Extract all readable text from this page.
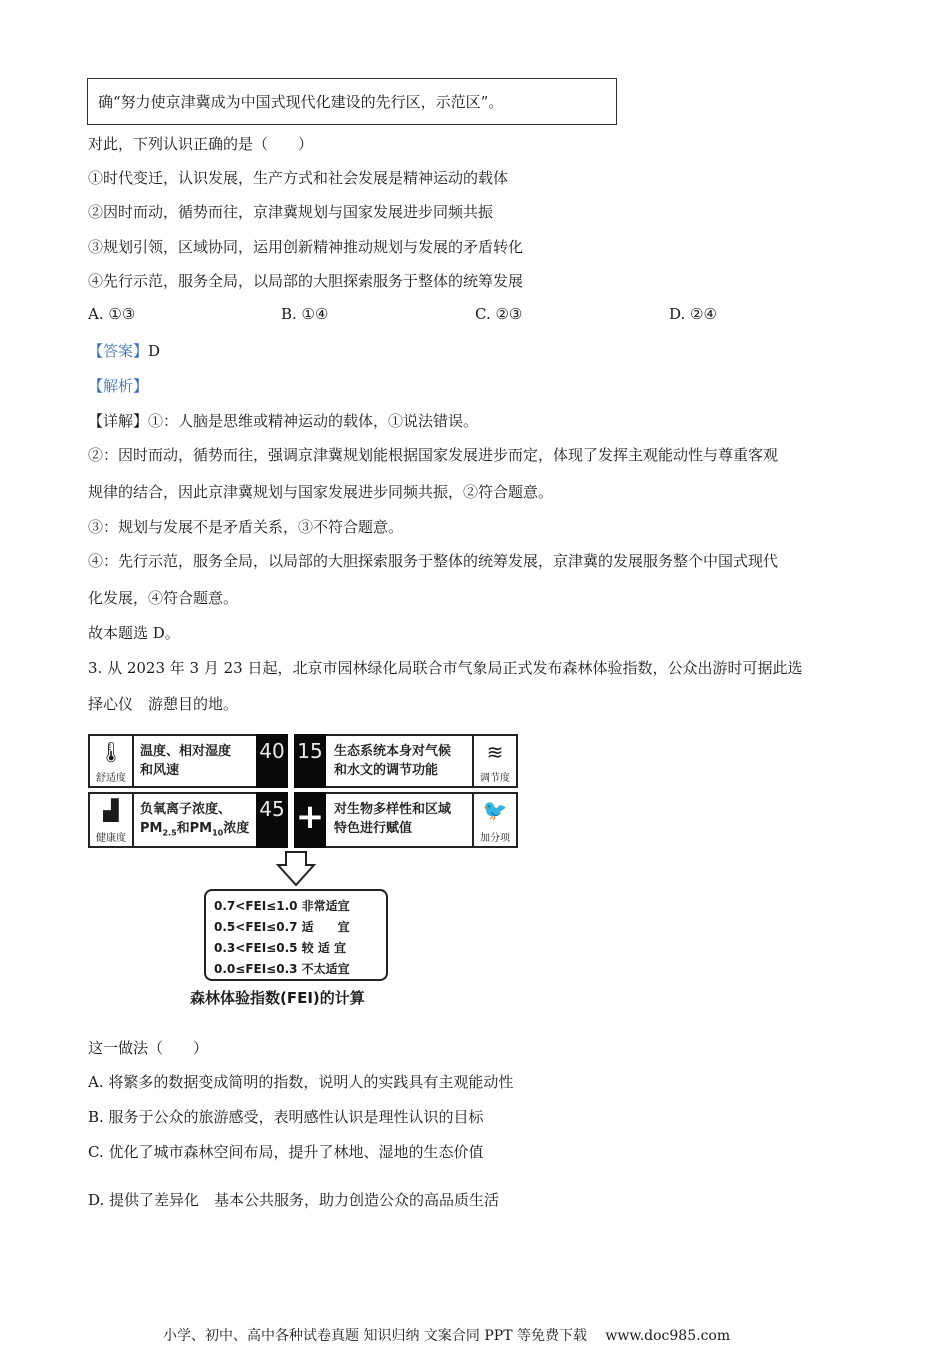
确“努力使京津冀成为中国式现代化建设的先行区，示范区”。
对此，下列认识正确的是（　　）
①时代变迁，认识发展，生产方式和社会发展是精神运动的载体
②因时而动，循势而往，京津冀规划与国家发展进步同频共振
③规划引领，区域协同，运用创新精神推动规划与发展的矛盾转化
④先行示范，服务全局，以局部的大胆探索服务于整体的统筹发展
A. ①③	B. ①④	C. ②③	D. ②④
【答案】D
【解析】
【详解】①：人脑是思维或精神运动的载体，①说法错误。
②：因时而动，循势而往，强调京津冀规划能根据国家发展进步而定，体现了发挥主观能动性与尊重客观
规律的结合，因此京津冀规划与国家发展进步同频共振，②符合题意。
③：规划与发展不是矛盾关系，③不符合题意。
④：先行示范，服务全局，以局部的大胆探索服务于整体的统筹发展，京津冀的发展服务整个中国式现代
化发展，④符合题意。
故本题选 D。
3. 从 2023 年 3 月 23 日起，北京市园林绿化局联合市气象局正式发布森林体验指数，公众出游时可据此选
择心仪　游憩目的地。
🌡
舒适度
温度、相对湿度
和风速
40 15 生态系统本身对气候
和水文的调节功能
≋
调节度
▟
健康度
负氧离子浓度、
$PM_{2.5}$和$PM_{10}$浓度
45 + 对生物多样性和区域
特色进行赋值
🐦
加分项
0.7<FEI≤1.0 非常适宜
0.5<FEI≤0.7 适　　宜
0.3<FEI≤0.5 较 适 宜
0.0≤FEI≤0.3 不太适宜
森林体验指数(FEI)的计算
这一做法（　　）
A. 将繁多的数据变成简明的指数，说明人的实践具有主观能动性
B. 服务于公众的旅游感受，表明感性认识是理性认识的目标
C. 优化了城市森林空间布局，提升了林地、湿地的生态价值
D. 提供了差异化　基本公共服务，助力创造公众的高品质生活
小学、初中、高中各种试卷真题 知识归纳 文案合同 PPT 等免费下载　 www.doc985.com
